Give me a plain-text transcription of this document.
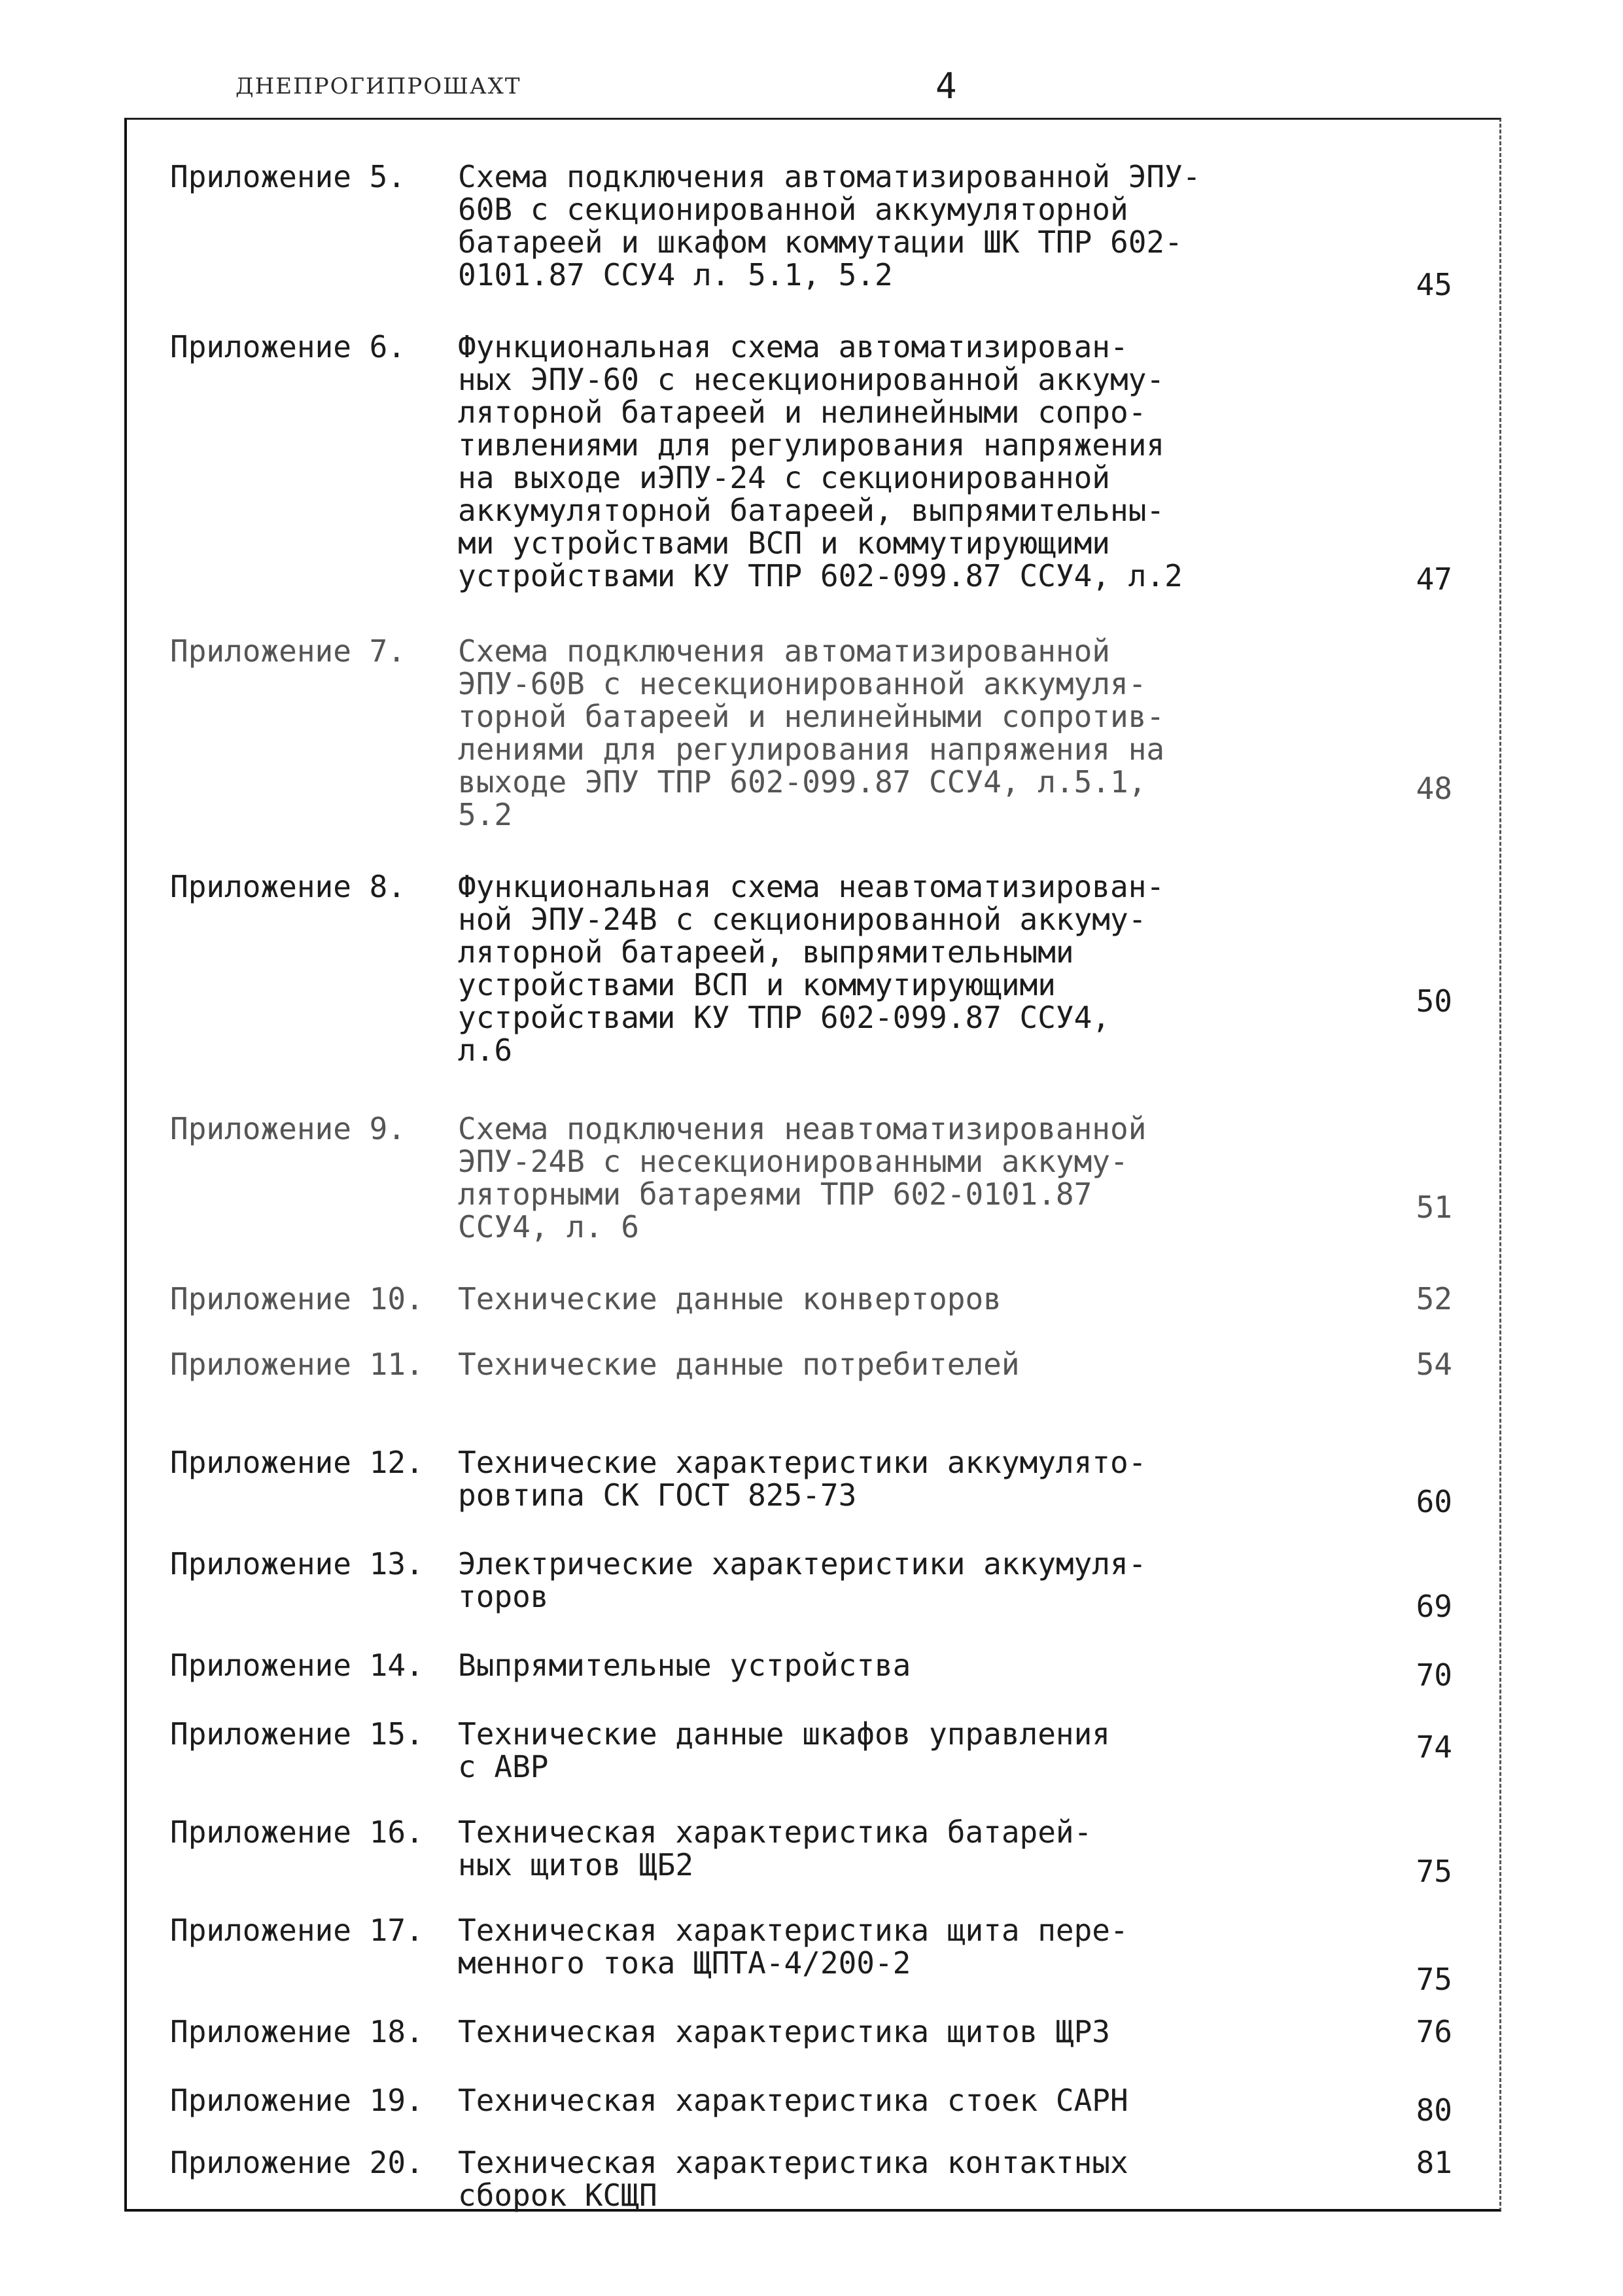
ДНЕПРОГИПРОШАХТ	4
Приложение 5. Схема подключения автоматизированной ЭПУ-
60В с секционированной аккумуляторной
батареей и шкафом коммутации ШК ТПР 602-
0101.87 ССУ4 л. 5.1, 5.2	45
Приложение 6. Функциональная схема автоматизирован-
ных ЭПУ-60 с несекционированной аккуму-
ляторной батареей и нелинейными сопро-
тивлениями для регулирования напряжения
на выходе иЭПУ-24 с секционированной
аккумуляторной батареей, выпрямительны-
ми устройствами ВСП и коммутирующими
устройствами КУ ТПР 602-099.87 ССУ4, л.2	47
Приложение 7. Схема подключения автоматизированной
ЭПУ-60В с несекционированной аккумуля-
торной батареей и нелинейными сопротив-
лениями для регулирования напряжения на
выходе ЭПУ ТПР 602-099.87 ССУ4, л.5.1,
5.2
48
Приложение 8. Функциональная схема неавтоматизирован-
ной ЭПУ-24В с секционированной аккуму-
ляторной батареей, выпрямительными
устройствами ВСП и коммутирующими
устройствами КУ ТПР 602-099.87 ССУ4,
л.6
50
Приложение 9. Схема подключения неавтоматизированной
ЭПУ-24В с несекционированными аккуму-
ляторными батареями ТПР 602-0101.87
ССУ4, л. 6
51
Приложение 10. Технические данные конверторов	52
Приложение 11. Технические данные потребителей	54
Приложение 12. Технические характеристики аккумулято-
ровтипа СК ГОСТ 825-73	60
Приложение 13. Электрические характеристики аккумуля-
торов	69
Приложение 14. Выпрямительные устройства	70
Приложение 15. Технические данные шкафов управления
с АВР
74
Приложение 16. Техническая характеристика батарей-
ных щитов ЩБ2	75
Приложение 17. Техническая характеристика щита пере-
менного тока ЩПТА-4/200-2	75
Приложение 18. Техническая характеристика щитов ЩРЗ	76
Приложение 19. Техническая характеристика стоек САРН	80
Приложение 20. Техническая характеристика контактных
сборок КСЩП
81
